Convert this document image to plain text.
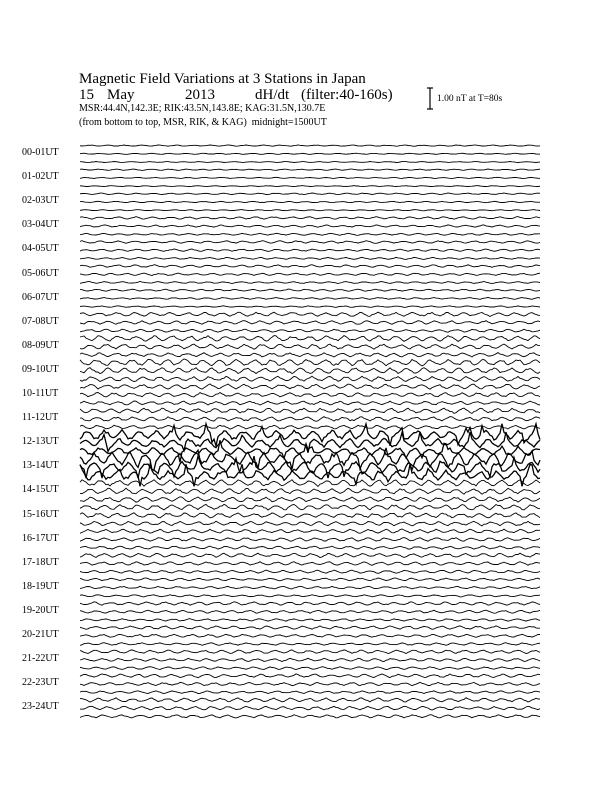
Magnetic Field Variations at 3 Stations in Japan
15 May	2013	dH/dt (filter:40-160s)
MSR:44.4N,142.3E; RIK:43.5N,143.8E; KAG:31.5N,130.7E
(from bottom to top, MSR, RIK, & KAG) midnight=1500UT
1.00 nT at T=80s
00-01UT
01-02UT
02-03UT
03-04UT
04-05UT
05-06UT
06-07UT
07-08UT
08-09UT
09-10UT
10-11UT
11-12UT
12-13UT
13-14UT
14-15UT
15-16UT
16-17UT
17-18UT
18-19UT
19-20UT
20-21UT
21-22UT
22-23UT
23-24UT
